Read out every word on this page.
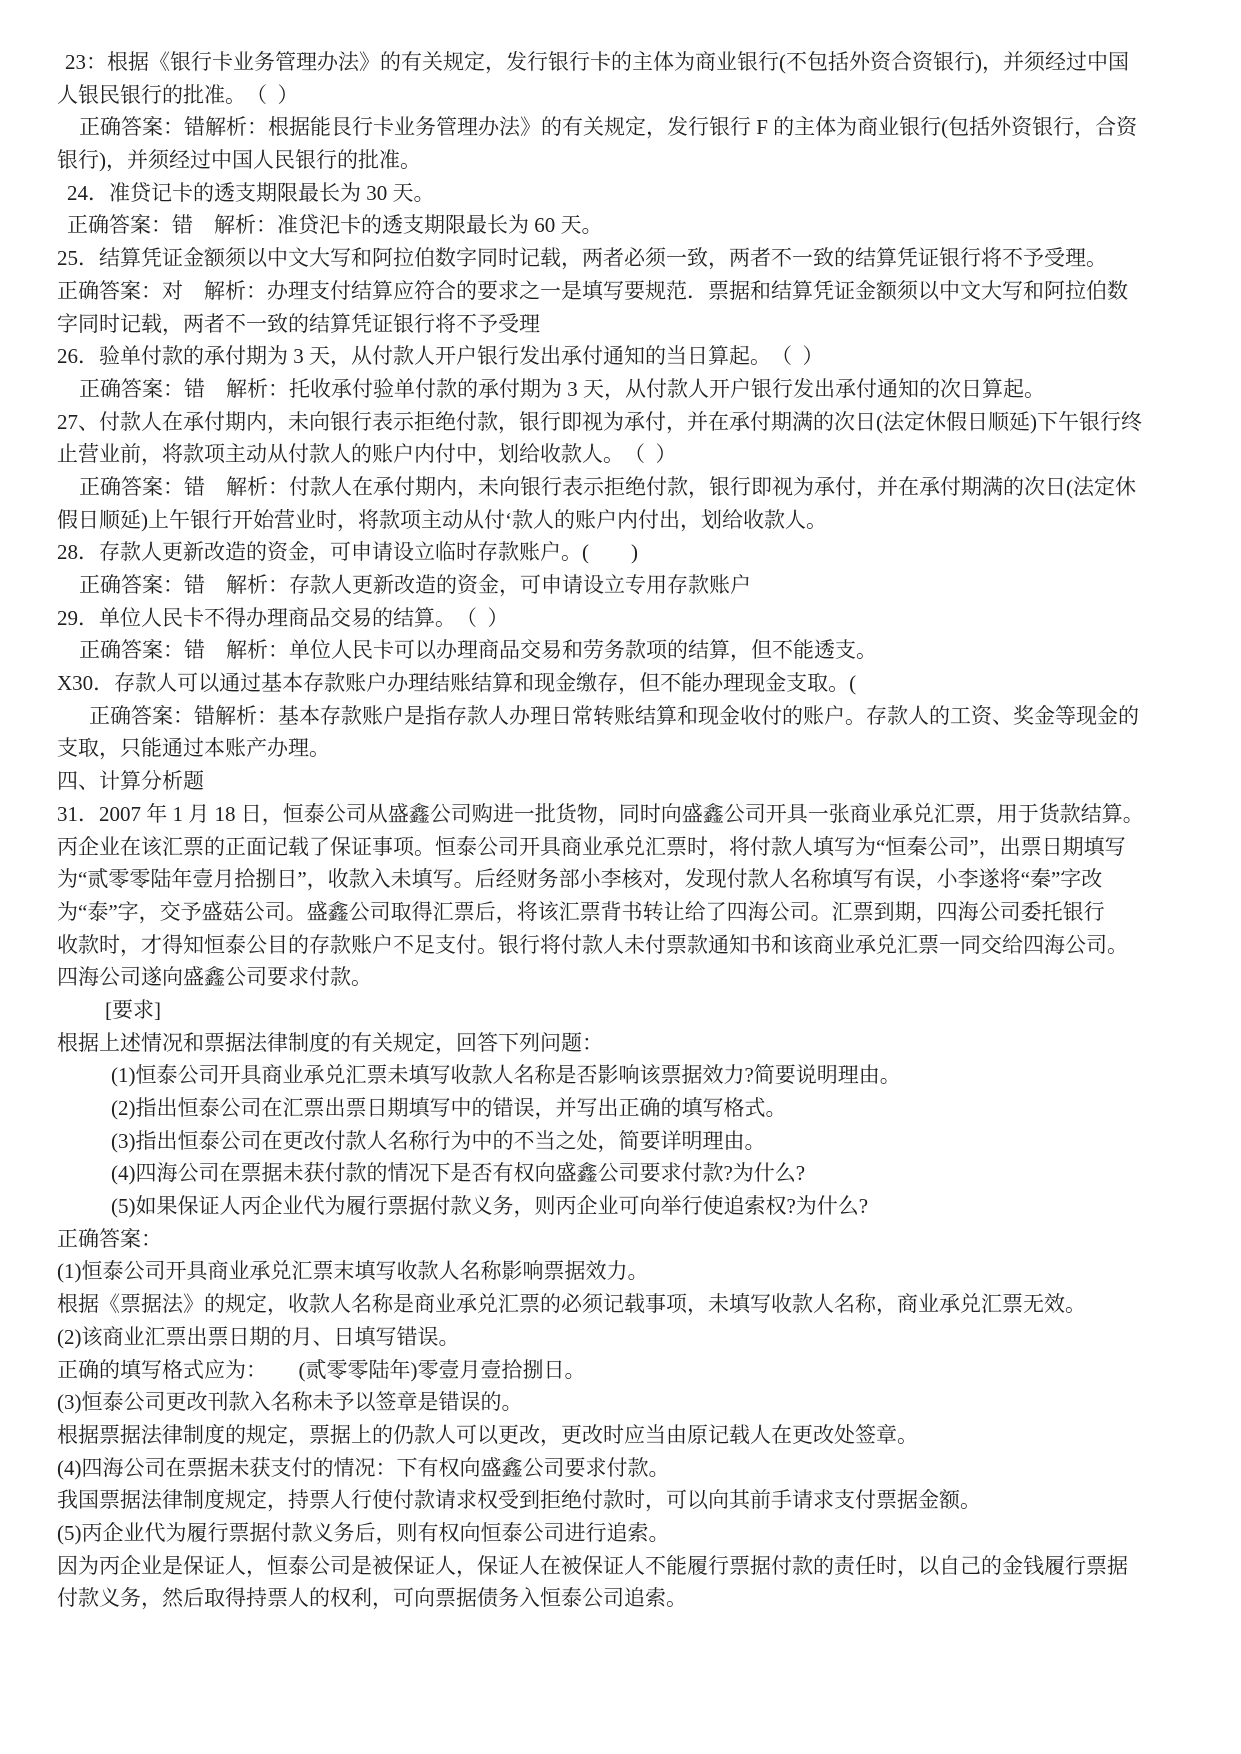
23：根据《银行卡业务管理办法》的有关规定，发行银行卡的主体为商业银行(不包括外资合资银行)，并须经过中国
人银民银行的批准。　（  ）
正确答案：错解析：根据能艮行卡业务管理办法》的有关规定，发行银行 F 的主体为商业银行(包括外资银行，合资
银行)，并须经过中国人民银行的批准。
24．准贷记卡的透支期限最长为 30 天。
正确答案：错　解析：准贷汜卡的透支期限最长为 60 天。
25．结算凭证金额须以中文大写和阿拉伯数字同时记载，两者必须一致，两者不一致的结算凭证银行将不予受理。
正确答案：对　解析：办理支付结算应符合的要求之一是填写要规范．票据和结算凭证金额须以中文大写和阿拉伯数
字同时记载，两者不一致的结算凭证银行将不予受理
26．验单付款的承付期为 3 天，从付款人开户银行发出承付通知的当日算起。　（  ）
正确答案：错　解析：托收承付验单付款的承付期为 3 天，从付款人开户银行发出承付通知的次日算起。
27、付款人在承付期内，未向银行表示拒绝付款，银行即视为承付，并在承付期满的次日(法定休假日顺延)下午银行终
止营业前，将款项主动从付款人的账户内付中，划给收款人。　（  ）
正确答案：错　解析：付款人在承付期内，未向银行表示拒绝付款，银行即视为承付，并在承付期满的次日(法定休
假日顺延)上午银行开始营业时，将款项主动从付‘款人的账户内付出，划给收款人。
28．存款人更新改造的资金，可申请设立临时存款账户。(　　)
正确答案：错　解析：存款人更新改造的资金，可申请设立专用存款账户
29．单位人民卡不得办理商品交易的结算。　（  ）
正确答案：错　解析：单位人民卡可以办理商品交易和劳务款项的结算，但不能透支。
X30．存款人可以通过基本存款账户办理结账结算和现金缴存，但不能办理现金支取。(
正确答案：错解析：基本存款账户是指存款人办理日常转账结算和现金收付的账户。存款人的工资、奖金等现金的
支取，只能通过本账产办理。
四、计算分析题
31．2007 年 1 月 18 日，恒泰公司从盛鑫公司购进一批货物，同时向盛鑫公司开具一张商业承兑汇票，用于货款结算。
丙企业在该汇票的正面记载了保证事项。恒泰公司开具商业承兑汇票时，将付款人填写为“恒秦公司”，出票日期填写
为“贰零零陆年壹月拾捌日”，收款入未填写。后经财务部小李核对，发现付款人名称填写有误，小李遂将“秦”字改
为“泰”字，交予盛菇公司。盛鑫公司取得汇票后，将该汇票背书转让给了四海公司。汇票到期，四海公司委托银行
收款时，才得知恒泰公目的存款账户不足支付。银行将付款人未付票款通知书和该商业承兑汇票一同交给四海公司。
四海公司遂向盛鑫公司要求付款。
[要求]
根据上述情况和票据法律制度的有关规定，回答下列问题：
(1)恒泰公司开具商业承兑汇票未填写收款人名称是否影响该票据效力?简要说明理由。
(2)指出恒泰公司在汇票出票日期填写中的错误，并写出正确的填写格式。
(3)指出恒泰公司在更改付款人名称行为中的不当之处，简要详明理由。
(4)四海公司在票据未获付款的情况下是否有权向盛鑫公司要求付款?为什么?
(5)如果保证人丙企业代为履行票据付款义务，则丙企业可向举行使追索权?为什么?
正确答案：
(1)恒泰公司开具商业承兑汇票末填写收款人名称影响票据效力。
根据《票据法》的规定，收款人名称是商业承兑汇票的必须记载事项，未填写收款人名称，商业承兑汇票无效。
(2)该商业汇票出票日期的月、日填写错误。
正确的填写格式应为：　　(贰零零陆年)零壹月壹拾捌日。
(3)恒泰公司更改刊款入名称未予以签章是错误的。
根据票据法律制度的规定，票据上的仍款人可以更改，更改时应当由原记载人在更改处签章。
(4)四海公司在票据未获支付的情况：下有权向盛鑫公司要求付款。
我国票据法律制度规定，持票人行使付款请求权受到拒绝付款时，可以向其前手请求支付票据金额。
(5)丙企业代为履行票据付款义务后，则有权向恒泰公司进行追索。
因为丙企业是保证人，恒泰公司是被保证人，保证人在被保证人不能履行票据付款的责任时，以自己的金钱履行票据
付款义务，然后取得持票人的权利，可向票据债务入恒泰公司追索。
